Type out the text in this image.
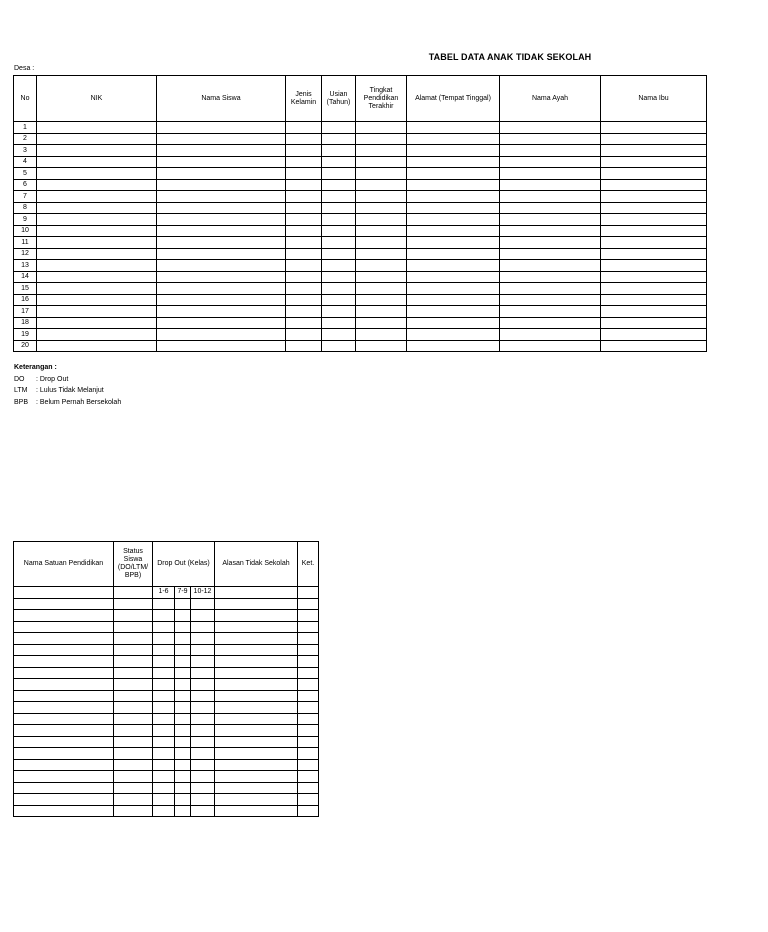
TABEL DATA ANAK TIDAK SEKOLAH
Desa :
No	NIK	Nama Siswa	Jenis Kelamin	Usian (Tahun)	Tingkat Pendidikan Terakhir	Alamat (Tempat Tinggal)	Nama Ayah	Nama Ibu
1								
2								
3								
4								
5								
6								
7								
8								
9								
10								
11								
12								
13								
14								
15								
16								
17								
18								
19								
20								
Keterangan :
DO : Drop Out
LTM : Lulus Tidak Melanjut
BPB : Belum Pernah Bersekolah
Nama Satuan Pendidikan	Status Siswa (DO/LTM/ BPB)	Drop Out (Kelas)			Alasan Tidak Sekolah	Ket.
		1-6	7-9	10-12		
